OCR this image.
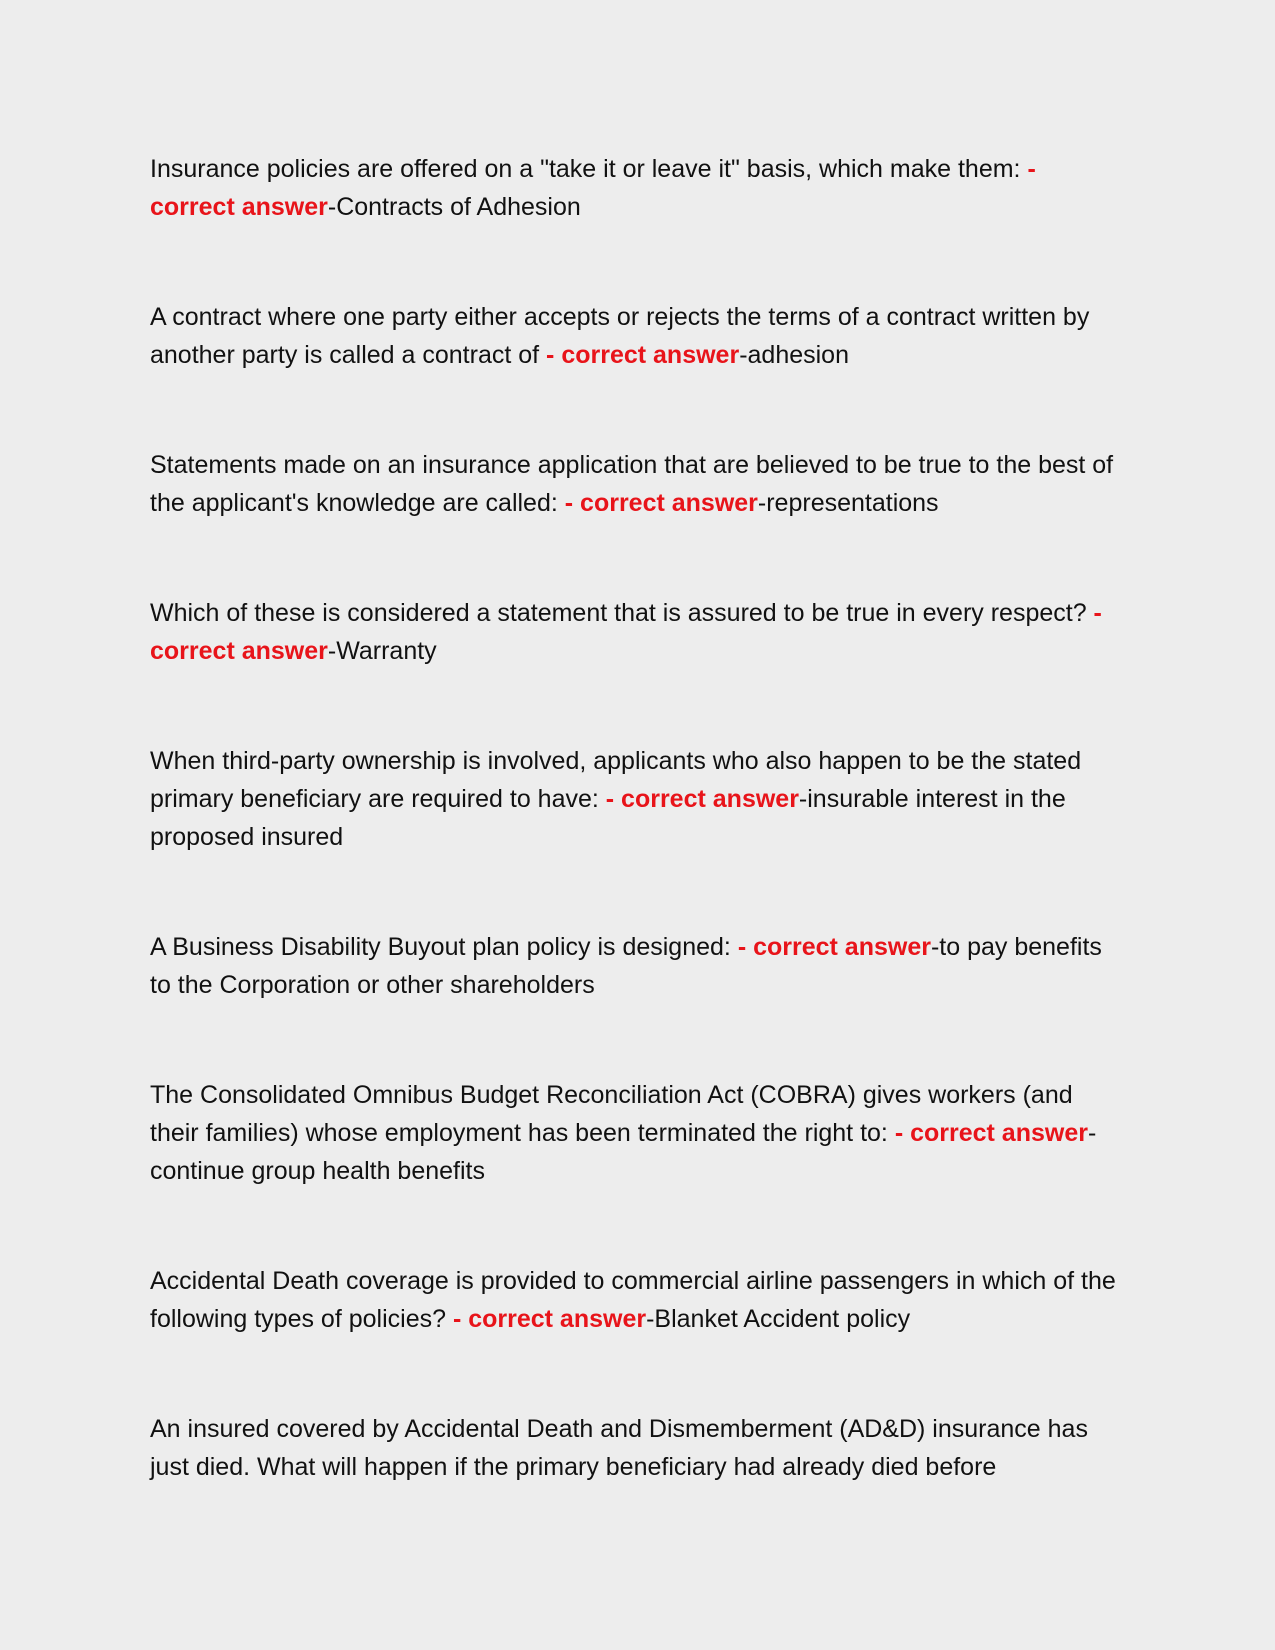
Insurance policies are offered on a "take it or leave it" basis, which make them: - correct answer-Contracts of Adhesion

A contract where one party either accepts or rejects the terms of a contract written by another party is called a contract of - correct answer-adhesion

Statements made on an insurance application that are believed to be true to the best of the applicant's knowledge are called: - correct answer-representations

Which of these is considered a statement that is assured to be true in every respect? - correct answer-Warranty

When third-party ownership is involved, applicants who also happen to be the stated primary beneficiary are required to have: - correct answer-insurable interest in the proposed insured

A Business Disability Buyout plan policy is designed: - correct answer-to pay benefits to the Corporation or other shareholders

The Consolidated Omnibus Budget Reconciliation Act (COBRA) gives workers (and their families) whose employment has been terminated the right to: - correct answer-continue group health benefits

Accidental Death coverage is provided to commercial airline passengers in which of the following types of policies? - correct answer-Blanket Accident policy

An insured covered by Accidental Death and Dismemberment (AD&D) insurance has just died. What will happen if the primary beneficiary had already died before
